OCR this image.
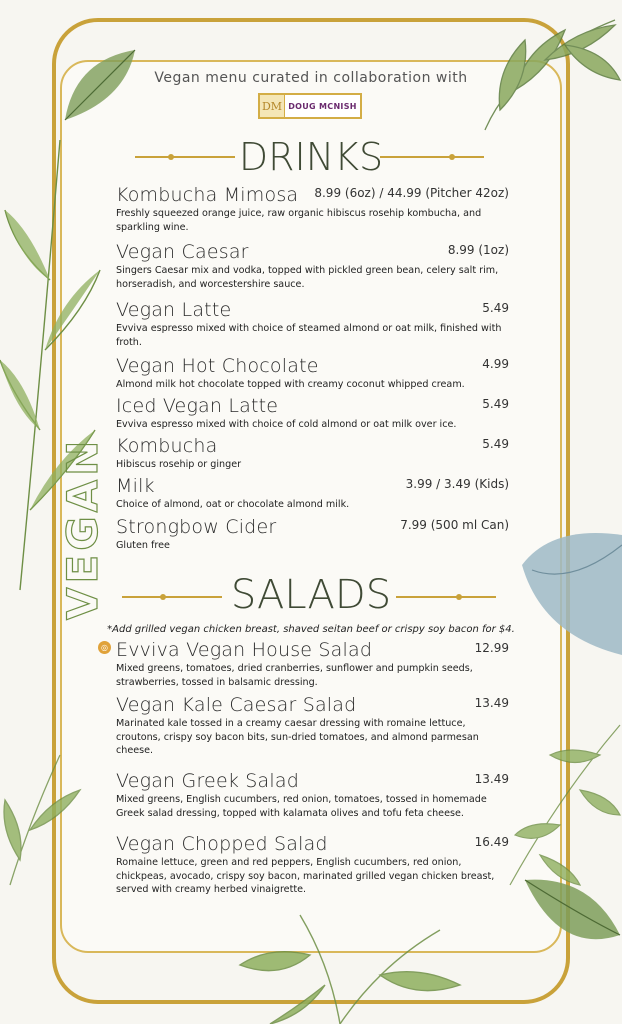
VEGAN
Vegan menu curated in collaboration with
DM DOUG MCNISH
DRINKS
Kombucha Mimosa	8.99 (6oz) / 44.99 (Pitcher 42oz)
Freshly squeezed orange juice, raw organic hibiscus rosehip kombucha, and sparkling wine.
Vegan Caesar	8.99 (1oz)
Singers Caesar mix and vodka, topped with pickled green bean, celery salt rim, horseradish, and worcestershire sauce.
Vegan Latte	5.49
Evviva espresso mixed with choice of steamed almond or oat milk, finished with froth.
Vegan Hot Chocolate	4.99
Almond milk hot chocolate topped with creamy coconut whipped cream.
Iced Vegan Latte	5.49
Evviva espresso mixed with choice of cold almond or oat milk over ice.
Kombucha	5.49
Hibiscus rosehip or ginger
Milk	3.99 / 3.49 (Kids)
Choice of almond, oat or chocolate almond milk.
Strongbow Cider	7.99 (500 ml Can)
Gluten free
SALADS
*Add grilled vegan chicken breast, shaved seitan beef or crispy soy bacon for $4.
◎ Evviva Vegan House Salad	12.99
Mixed greens, tomatoes, dried cranberries, sunflower and pumpkin seeds, strawberries, tossed in balsamic dressing.
Vegan Kale Caesar Salad	13.49
Marinated kale tossed in a creamy caesar dressing with romaine lettuce, croutons, crispy soy bacon bits, sun-dried tomatoes, and almond parmesan cheese.
Vegan Greek Salad	13.49
Mixed greens, English cucumbers, red onion, tomatoes, tossed in homemade Greek salad dressing, topped with kalamata olives and tofu feta cheese.
Vegan Chopped Salad	16.49
Romaine lettuce, green and red peppers, English cucumbers, red onion, chickpeas, avocado, crispy soy bacon, marinated grilled vegan chicken breast, served with creamy herbed vinaigrette.
